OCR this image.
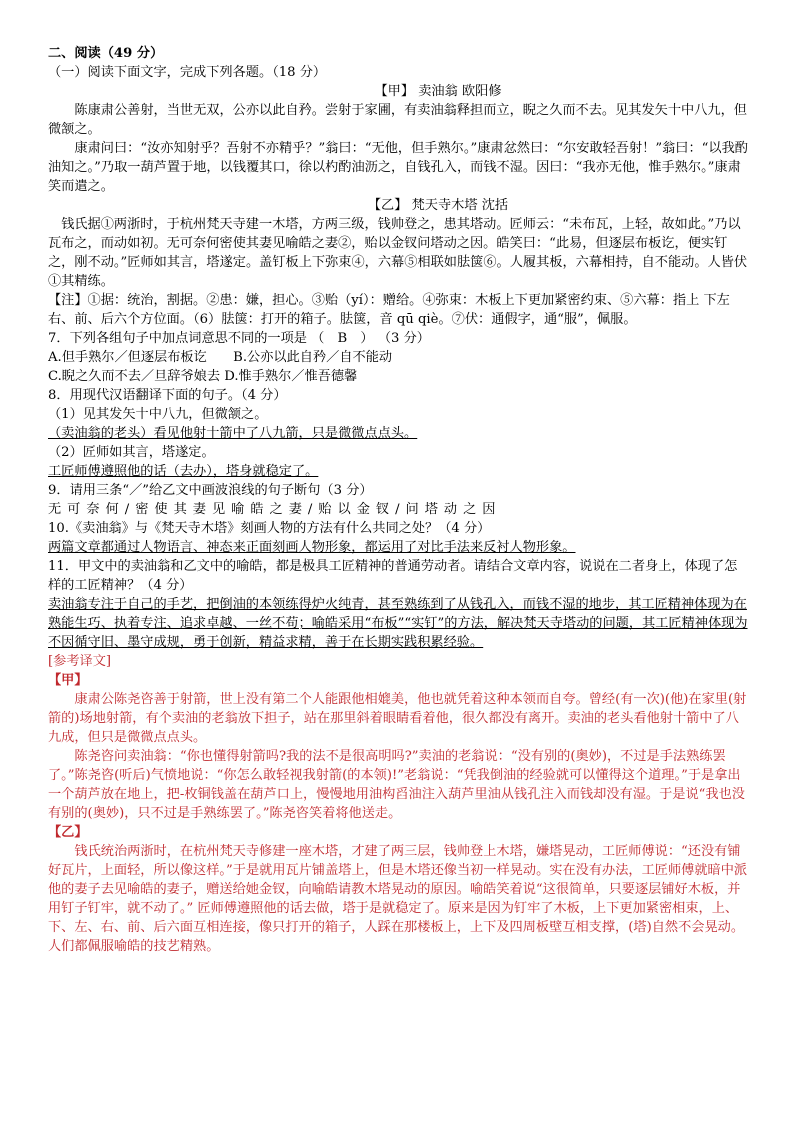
二、阅读（49 分）
（一）阅读下面文字，完成下列各题。（18 分）
【甲】 卖油翁 欧阳修
陈康肃公善射，当世无双，公亦以此自矜。尝射于家圃，有卖油翁释担而立，睨之久而不去。见其发矢十中八九，但微颔之。
康肃问曰：“汝亦知射乎？吾射不亦精乎？”翁曰：“无他，但手熟尔。”康肃忿然曰：“尔安敢轻吾射！”翁曰：“以我酌油知之。”乃取一葫芦置于地，以钱覆其口，徐以杓酌油沥之，自钱孔入，而钱不湿。因曰：“我亦无他，惟手熟尔。”康肃笑而遣之。
【乙】 梵天寺木塔 沈括
钱氏据①两浙时，于杭州梵天寺建一木塔，方两三级，钱帅登之，患其塔动。匠师云：“未布瓦，上轻，故如此。”乃以瓦布之，而动如初。无可奈何密使其妻见喻皓之妻②，贻以金钗问塔动之因。皓笑曰：“此易，但逐层布板讫，便实钉之，刚不动。”匠师如其言，塔遂定。盖钉板上下弥束④，六幕⑤相联如胠箧⑥。人履其板，六幕相持，自不能动。人皆伏①其精练。
【注】①据：统治，割据。②患：嫌，担心。③贻（yí）：赠给。④弥束：木板上下更加紧密约束、⑤六幕：指上 下左右、前、后六个方位面。（6）胠箧：打开的箱子。胠箧，音 qū qiè。⑦伏：通假字，通“服”，佩服。
7．下列各组句子中加点词意思不同的一项是 （　B　） （3 分）
A.但手熟尔／但逐层布板讫　　B.公亦以此自矜／自不能动
C.睨之久而不去／旦辞爷娘去 D.惟手熟尔／惟吾德馨
8．用现代汉语翻译下面的句子。（4 分）
（1）见其发矢十中八九，但微颔之。
（卖油翁的老头）看见他射十箭中了八九箭，只是微微点点头。
（2）匠师如其言，塔遂定。
工匠师傅遵照他的话（去办），塔身就稳定了。
9．请用三条“／”给乙文中画波浪线的句子断句（3 分）
无可奈何/密使其妻见喻皓之妻/贻以金钗/问塔动之因
10.《卖油翁》与《梵天寺木塔》刻画人物的方法有什么共同之处？（4 分）
两篇文章都通过人物语言、神态来正面刻画人物形象，都运用了对比手法来反衬人物形象。
11．甲文中的卖油翁和乙文中的喻皓，都是极具工匠精神的普通劳动者。请结合文章内容，说说在二者身上，体现了怎样的工匠精神？（4 分）
卖油翁专注于自己的手艺，把倒油的本领练得炉火纯青，甚至熟练到了从钱孔入，而钱不湿的地步，其工匠精神体现为在熟能生巧、执着专注、追求卓越、一丝不苟；喻皓采用“布板”“实钉”的方法，解决梵天寺塔动的问题，其工匠精神体现为不因循守旧、墨守成规，勇于创新，精益求精，善于在长期实践积累经验。
[参考译文]
【甲】
康肃公陈尧咨善于射箭，世上没有第二个人能跟他相媲美，他也就凭着这种本领而自夸。曾经(有一次)(他)在家里(射箭的)场地射箭，有个卖油的老翁放下担子，站在那里斜着眼睛看着他，很久都没有离开。卖油的老头看他射十箭中了八九成，但只是微微点点头。
陈尧咨问卖油翁：“你也懂得射箭吗?我的法不是很高明吗?”卖油的老翁说：“没有别的(奥妙)，不过是手法熟练罢了。”陈尧咨(听后)气愤地说：“你怎么敢轻视我射箭(的本领)!”老翁说：“凭我倒油的经验就可以懂得这个道理。”于是拿出一个葫芦放在地上，把-枚铜钱盖在葫芦口上，慢慢地用油构舀油注入葫芦里油从钱孔注入而钱却没有湿。于是说“我也没有别的(奥妙)，只不过是手熟练罢了。”陈尧咨笑着将他送走。
【乙】
钱氏统治两浙时，在杭州梵天寺修建一座木塔，才建了两三层，钱帅登上木塔，嫌塔晃动，工匠师傅说：“还没有铺好瓦片，上面轻，所以像这样。”于是就用瓦片铺盖塔上，但是木塔还像当初一样晃动。实在没有办法，工匠师傅就暗中派他的妻子去见喻皓的妻子，赠送给她金钗，向喻皓请教木塔晃动的原因。喻皓笑着说“这很简单，只要逐层铺好木板，并用钉子钉牢，就不动了。” 匠师傅遵照他的话去做，塔于是就稳定了。原来是因为钉牢了木板，上下更加紧密相束，上、下、左、右、前、后六面互相连接，像只打开的箱子，人踩在那楼板上，上下及四周板壁互相支撑，(塔)自然不会晃动。人们都佩服喻皓的技艺精熟。
